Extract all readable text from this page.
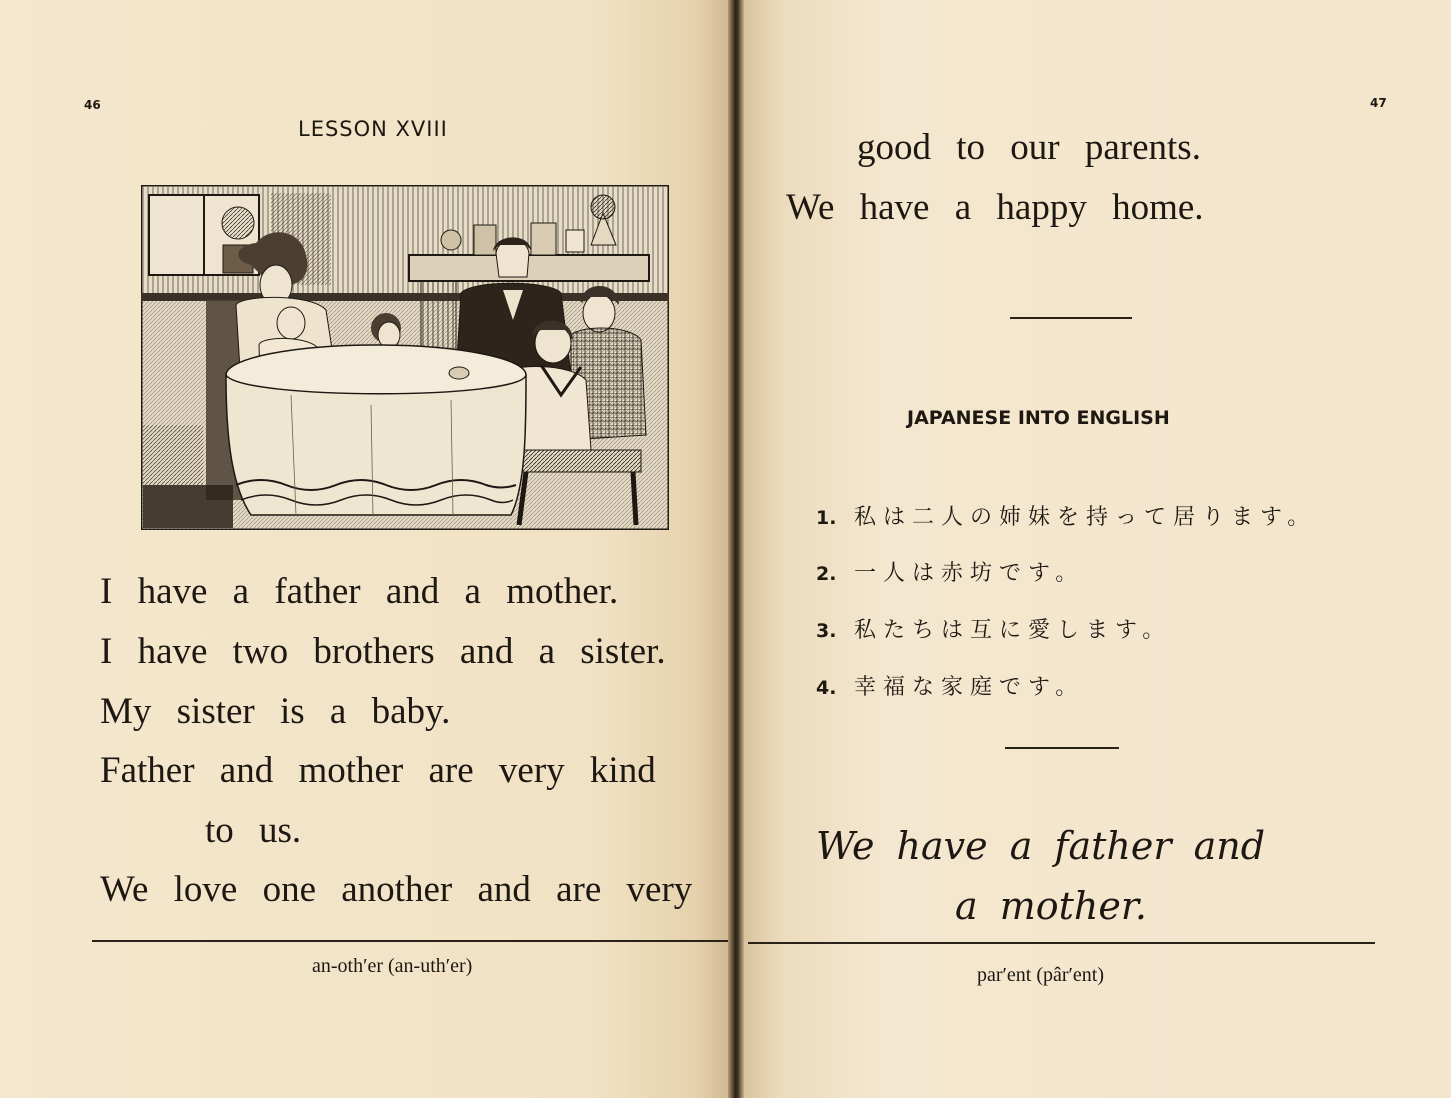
46
LESSON XVIII
I have a father and a mother.
I have two brothers and a sister.
My sister is a baby.
Father and mother are very kind
to us.
We love one another and are very
an-oth′er (an-uth′er)
47
good to our parents.
We have a happy home.
JAPANESE INTO ENGLISH

1. 私は二人の姉妹を持って居ります。

2. 一人は赤坊です。

3. 私たちは互に愛します。

4. 幸福な家庭です。

We have a father and
a mother.
par′ent (pâr′ent)
